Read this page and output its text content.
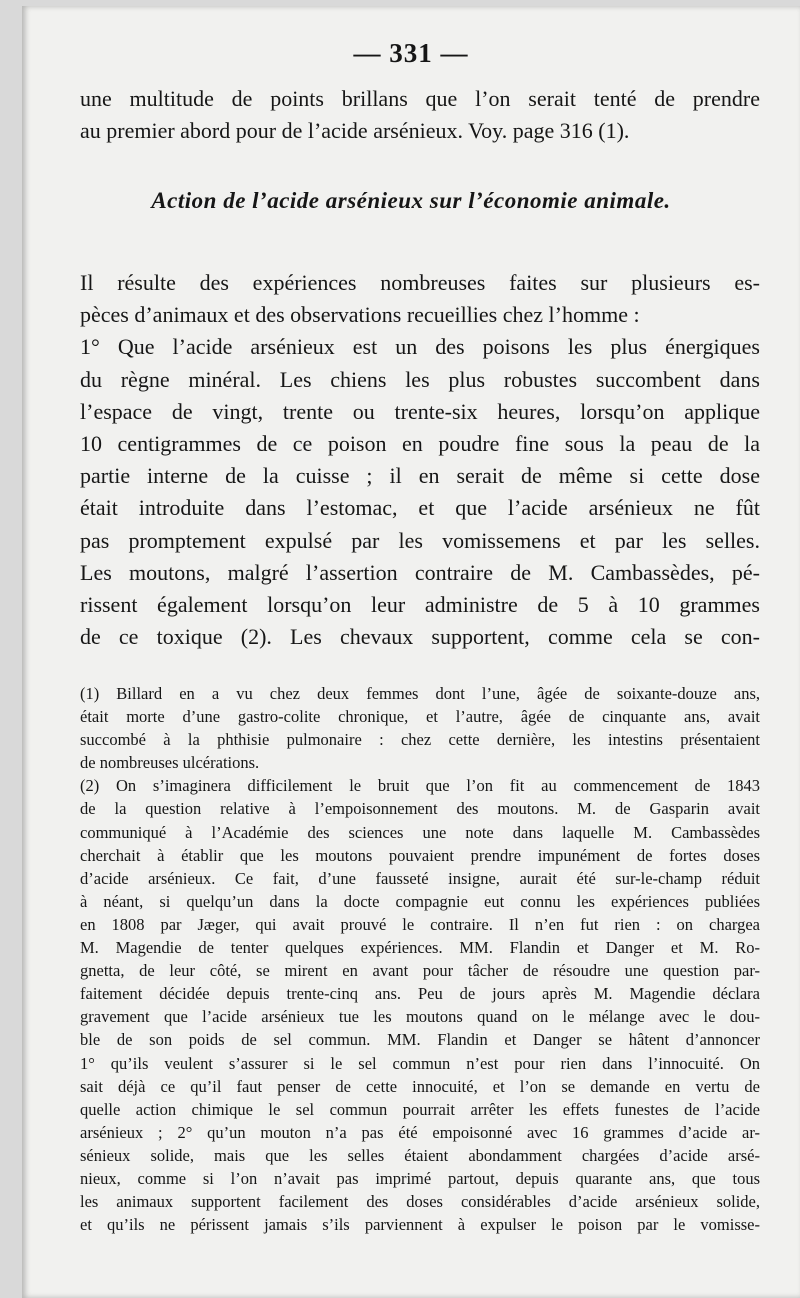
— 331 —
une multitude de points brillans que l’on serait tenté de prendre
au premier abord pour de l’acide arsénieux. Voy. page 316 (1).
Action de l’acide arsénieux sur l’économie animale.
Il résulte des expériences nombreuses faites sur plusieurs es-
pèces d’animaux et des observations recueillies chez l’homme :
1° Que l’acide arsénieux est un des poisons les plus énergiques
du règne minéral. Les chiens les plus robustes succombent dans
l’espace de vingt, trente ou trente-six heures, lorsqu’on applique
10 centigrammes de ce poison en poudre fine sous la peau de la
partie interne de la cuisse ; il en serait de même si cette dose
était introduite dans l’estomac, et que l’acide arsénieux ne fût
pas promptement expulsé par les vomissemens et par les selles.
Les moutons, malgré l’assertion contraire de M. Cambassèdes, pé-
rissent également lorsqu’on leur administre de 5 à 10 grammes
de ce toxique (2). Les chevaux supportent, comme cela se con-
(1) Billard en a vu chez deux femmes dont l’une, âgée de soixante-douze ans,
était morte d’une gastro-colite chronique, et l’autre, âgée de cinquante ans, avait
succombé à la phthisie pulmonaire : chez cette dernière, les intestins présentaient
de nombreuses ulcérations.
(2) On s’imaginera difficilement le bruit que l’on fit au commencement de 1843
de la question relative à l’empoisonnement des moutons. M. de Gasparin avait
communiqué à l’Académie des sciences une note dans laquelle M. Cambassèdes
cherchait à établir que les moutons pouvaient prendre impunément de fortes doses
d’acide arsénieux. Ce fait, d’une fausseté insigne, aurait été sur-le-champ réduit
à néant, si quelqu’un dans la docte compagnie eut connu les expériences publiées
en 1808 par Jæger, qui avait prouvé le contraire. Il n’en fut rien : on chargea
M. Magendie de tenter quelques expériences. MM. Flandin et Danger et M. Ro-
gnetta, de leur côté, se mirent en avant pour tâcher de résoudre une question par-
faitement décidée depuis trente-cinq ans. Peu de jours après M. Magendie déclara
gravement que l’acide arsénieux tue les moutons quand on le mélange avec le dou-
ble de son poids de sel commun. MM. Flandin et Danger se hâtent d’annoncer
1° qu’ils veulent s’assurer si le sel commun n’est pour rien dans l’innocuité. On
sait déjà ce qu’il faut penser de cette innocuité, et l’on se demande en vertu de
quelle action chimique le sel commun pourrait arrêter les effets funestes de l’acide
arsénieux ; 2° qu’un mouton n’a pas été empoisonné avec 16 grammes d’acide ar-
sénieux solide, mais que les selles étaient abondamment chargées d’acide arsé-
nieux, comme si l’on n’avait pas imprimé partout, depuis quarante ans, que tous
les animaux supportent facilement des doses considérables d’acide arsénieux solide,
et qu’ils ne périssent jamais s’ils parviennent à expulser le poison par le vomisse-
